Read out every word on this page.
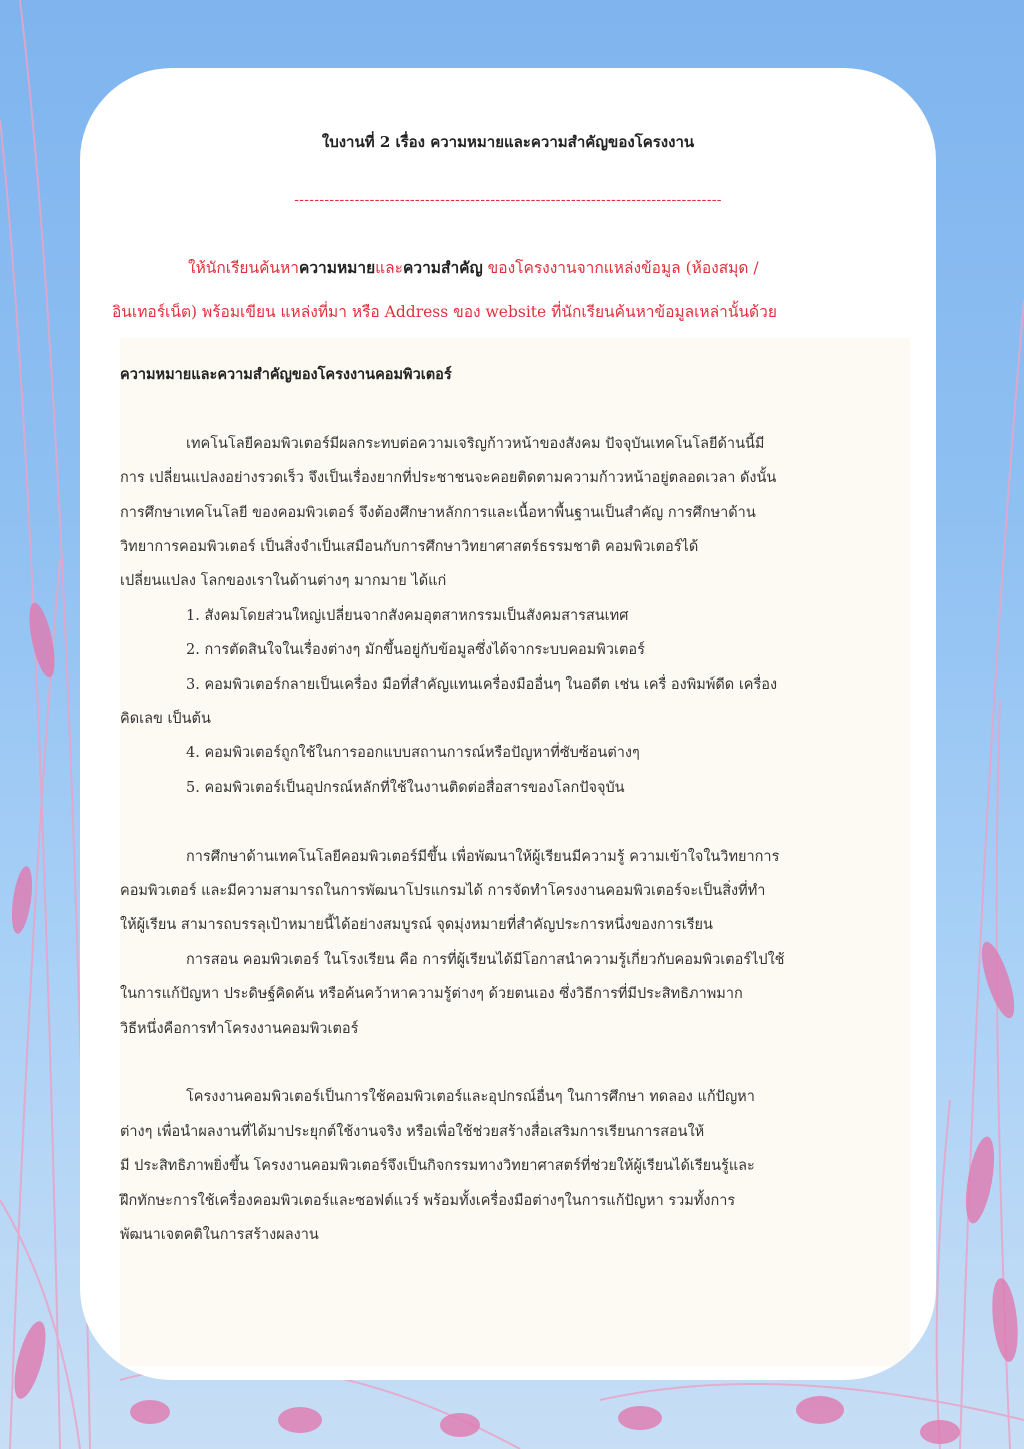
ใบงานที่ 2 เรื่อง ความหมายและความสำคัญของโครงงาน
-------------------------------------------------------------------------------------

ให้นักเรียนค้นหาความหมายและความสำคัญ ของโครงงานจากแหล่งข้อมูล (ห้องสมุด /

อินเทอร์เน็ต) พร้อมเขียน แหล่งที่มา หรือ Address ของ website ที่นักเรียนค้นหาข้อมูลเหล่านั้นด้วย

ความหมายและความสำคัญของโครงงานคอมพิวเตอร์

เทคโนโลยีคอมพิวเตอร์มีผลกระทบต่อความเจริญก้าวหน้าของสังคม ปัจจุบันเทคโนโลยีด้านนี้มี

การ เปลี่ยนแปลงอย่างรวดเร็ว จึงเป็นเรื่องยากที่ประชาชนจะคอยติดตามความก้าวหน้าอยู่ตลอดเวลา ดังนั้น

การศึกษาเทคโนโลยี ของคอมพิวเตอร์ จึงต้องศึกษาหลักการและเนื้อหาพื้นฐานเป็นสำคัญ การศึกษาด้าน

วิทยาการคอมพิวเตอร์ เป็นสิ่งจำเป็นเสมือนกับการศึกษาวิทยาศาสตร์ธรรมชาติ คอมพิวเตอร์ได้

เปลี่ยนแปลง โลกของเราในด้านต่างๆ มากมาย ได้แก่

1. สังคมโดยส่วนใหญ่เปลี่ยนจากสังคมอุตสาหกรรมเป็นสังคมสารสนเทศ

2. การตัดสินใจในเรื่องต่างๆ มักขึ้นอยู่กับข้อมูลซึ่งได้จากระบบคอมพิวเตอร์

3. คอมพิวเตอร์กลายเป็นเครื่อง มือที่สำคัญแทนเครื่องมืออื่นๆ ในอดีต เช่น เครื่ องพิมพ์ดีด เครื่อง

คิดเลข เป็นต้น

4. คอมพิวเตอร์ถูกใช้ในการออกแบบสถานการณ์หรือปัญหาที่ซับซ้อนต่างๆ

5. คอมพิวเตอร์เป็นอุปกรณ์หลักที่ใช้ในงานติดต่อสื่อสารของโลกปัจจุบัน

การศึกษาด้านเทคโนโลยีคอมพิวเตอร์มีขึ้น เพื่อพัฒนาให้ผู้เรียนมีความรู้ ความเข้าใจในวิทยาการ

คอมพิวเตอร์ และมีความสามารถในการพัฒนาโปรแกรมได้ การจัดทำโครงงานคอมพิวเตอร์จะเป็นสิ่งที่ทำ

ให้ผู้เรียน สามารถบรรลุเป้าหมายนี้ได้อย่างสมบูรณ์ จุดมุ่งหมายที่สำคัญประการหนึ่งของการเรียน

การสอน คอมพิวเตอร์ ในโรงเรียน คือ การที่ผู้เรียนได้มีโอกาสนำความรู้เกี่ยวกับคอมพิวเตอร์ไปใช้

ในการแก้ปัญหา ประดิษฐ์คิดค้น หรือค้นคว้าหาความรู้ต่างๆ ด้วยตนเอง ซึ่งวิธีการที่มีประสิทธิภาพมาก

วิธีหนึ่งคือการทำโครงงานคอมพิวเตอร์

โครงงานคอมพิวเตอร์เป็นการใช้คอมพิวเตอร์และอุปกรณ์อื่นๆ ในการศึกษา ทดลอง แก้ปัญหา

ต่างๆ เพื่อนำผลงานที่ได้มาประยุกต์ใช้งานจริง หรือเพื่อใช้ช่วยสร้างสื่อเสริมการเรียนการสอนให้

มี ประสิทธิภาพยิ่งขึ้น โครงงานคอมพิวเตอร์จึงเป็นกิจกรรมทางวิทยาศาสตร์ที่ช่วยให้ผู้เรียนได้เรียนรู้และ

ฝึกทักษะการใช้เครื่องคอมพิวเตอร์และซอฟต์แวร์ พร้อมทั้งเครื่องมือต่างๆในการแก้ปัญหา รวมทั้งการ

พัฒนาเจตคติในการสร้างผลงาน
